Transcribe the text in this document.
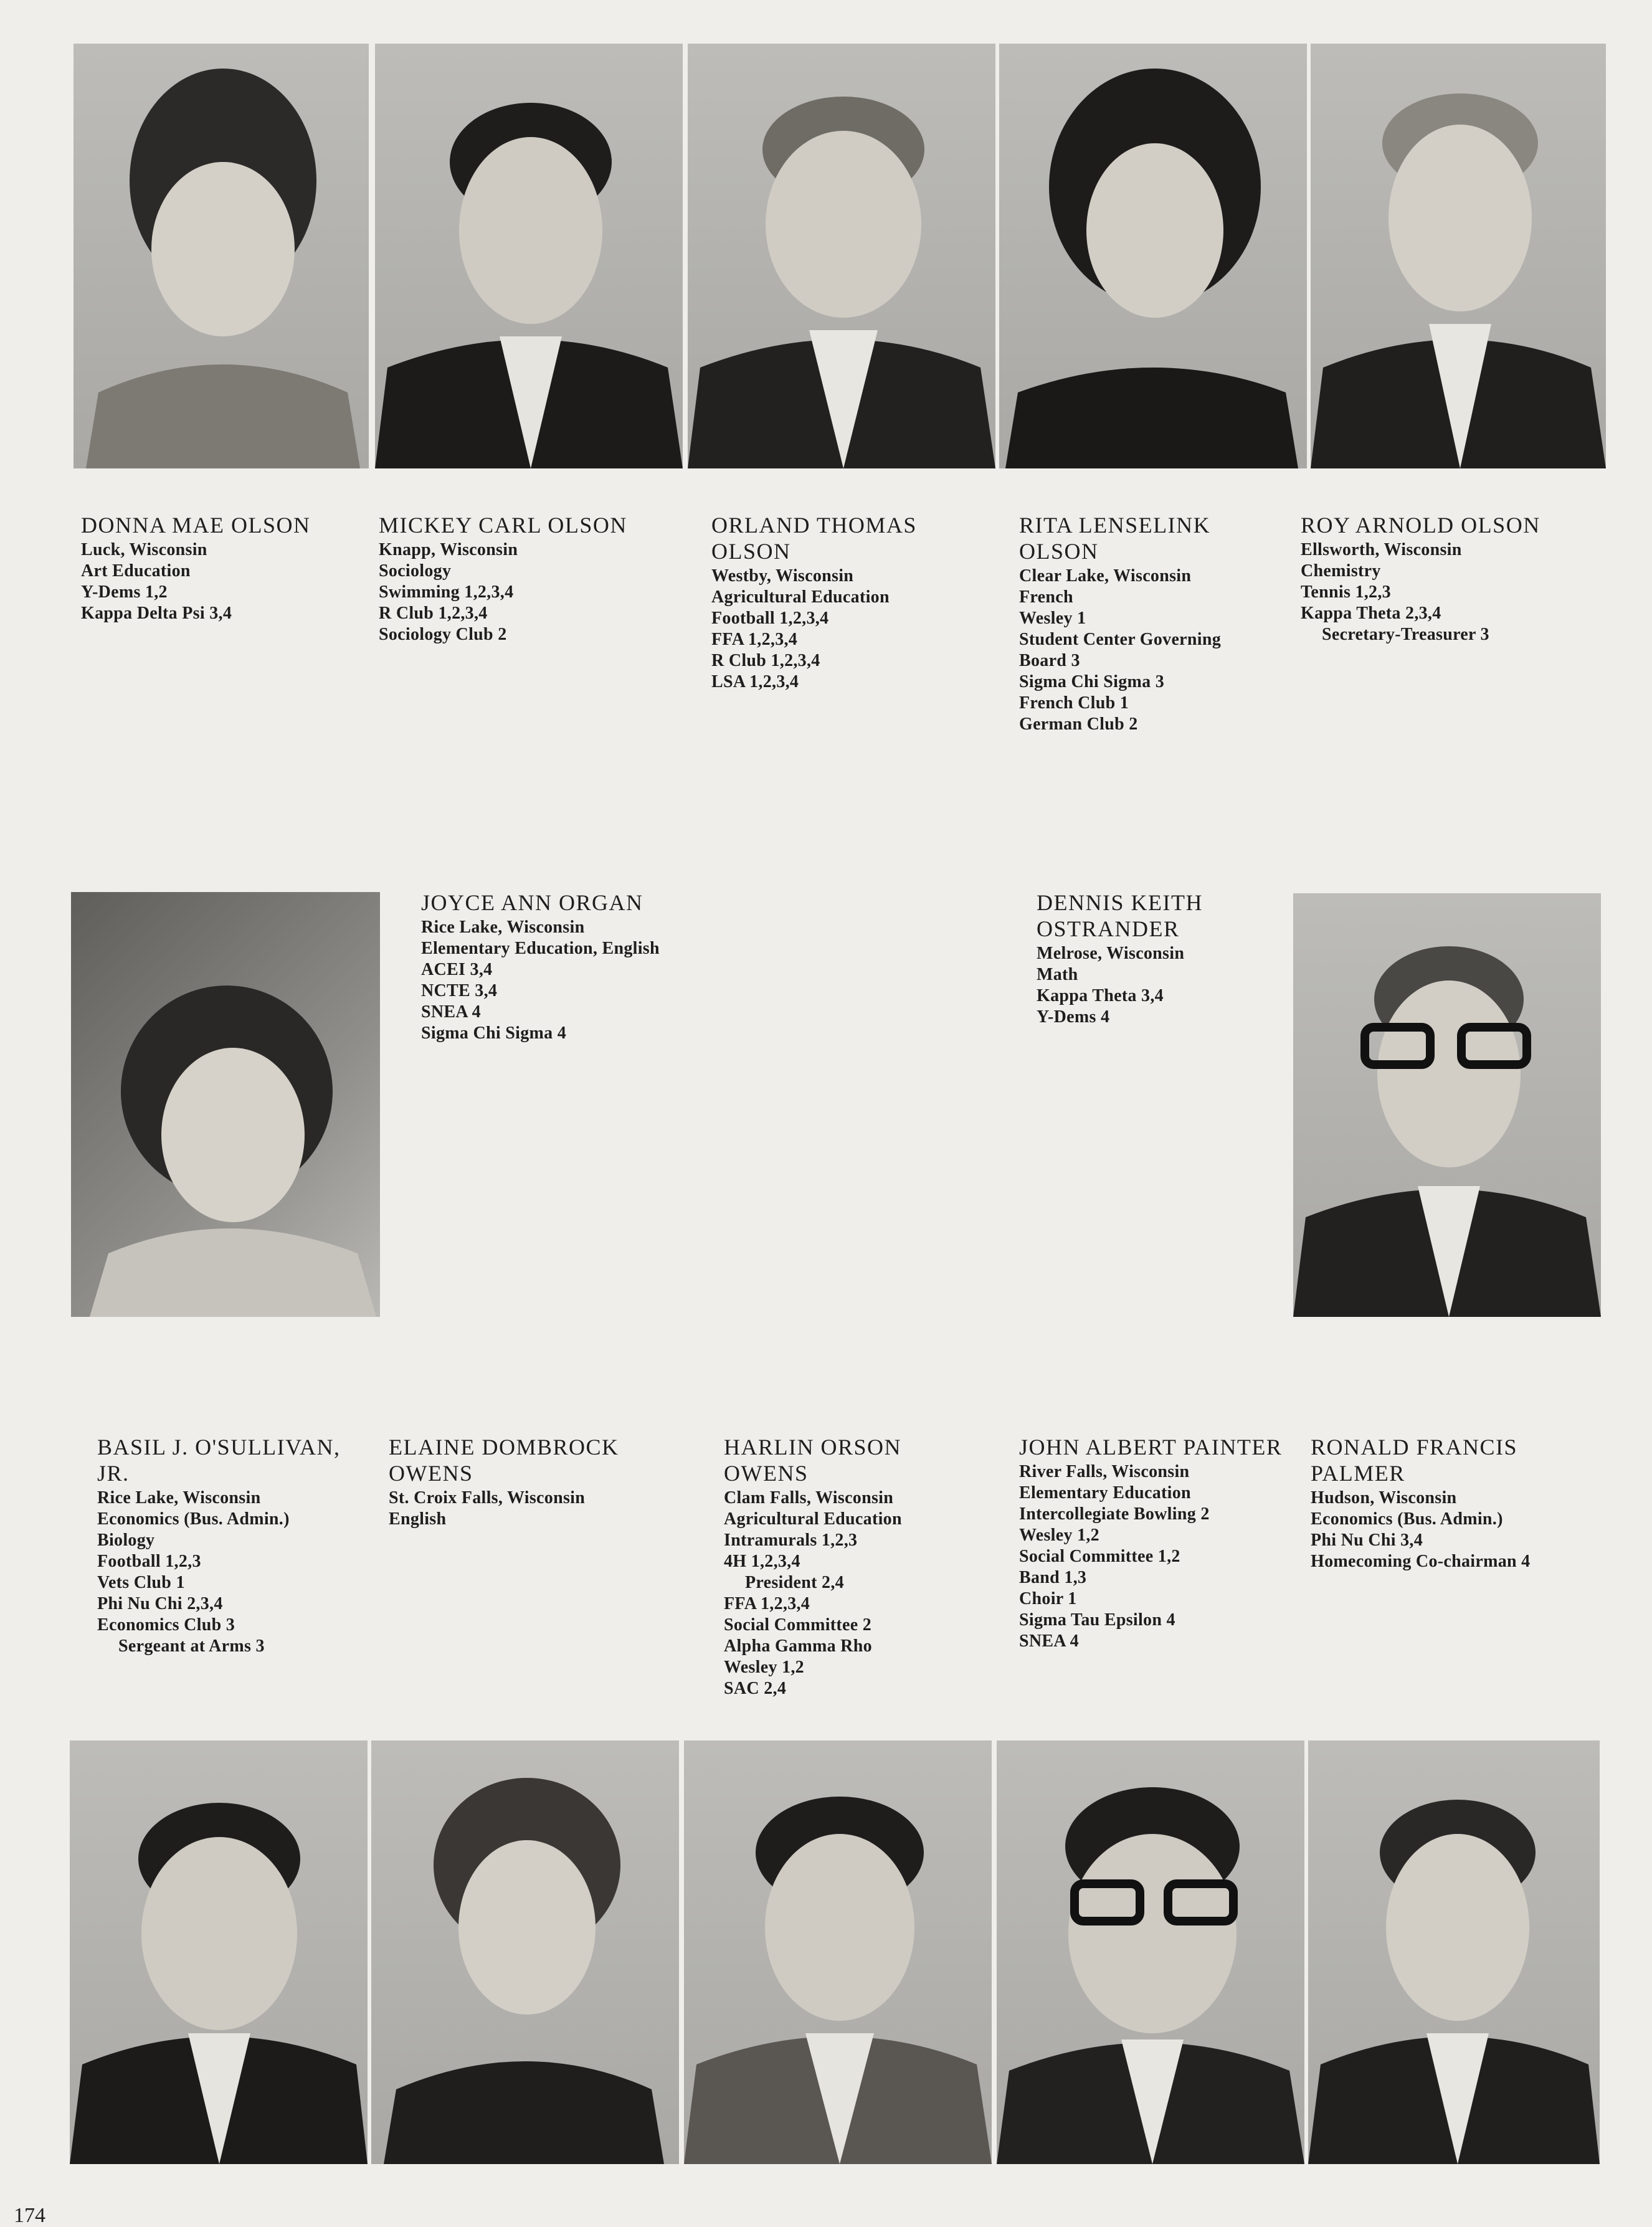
DONNA MAE OLSON
Luck, Wisconsin
Art Education
Y-Dems 1,2
Kappa Delta Psi 3,4
MICKEY CARL OLSON
Knapp, Wisconsin
Sociology
Swimming 1,2,3,4
R Club 1,2,3,4
Sociology Club 2
ORLAND THOMAS OLSON
Westby, Wisconsin
Agricultural Education
Football 1,2,3,4
FFA 1,2,3,4
R Club 1,2,3,4
LSA 1,2,3,4
RITA LENSELINK OLSON
Clear Lake, Wisconsin
French
Wesley 1
Student Center Governing
Board 3
Sigma Chi Sigma 3
French Club 1
German Club 2
ROY ARNOLD OLSON
Ellsworth, Wisconsin
Chemistry
Tennis 1,2,3
Kappa Theta 2,3,4
Secretary-Treasurer 3
JOYCE ANN ORGAN
Rice Lake, Wisconsin
Elementary Education, English
ACEI 3,4
NCTE 3,4
SNEA 4
Sigma Chi Sigma 4
DENNIS KEITH OSTRANDER
Melrose, Wisconsin
Math
Kappa Theta 3,4
Y-Dems 4
BASIL J. O'SULLIVAN, JR.
Rice Lake, Wisconsin
Economics (Bus. Admin.)
Biology
Football 1,2,3
Vets Club 1
Phi Nu Chi 2,3,4
Economics Club 3
Sergeant at Arms 3
ELAINE DOMBROCK OWENS
St. Croix Falls, Wisconsin
English
HARLIN ORSON OWENS
Clam Falls, Wisconsin
Agricultural Education
Intramurals 1,2,3
4H 1,2,3,4
President 2,4
FFA 1,2,3,4
Social Committee 2
Alpha Gamma Rho
Wesley 1,2
SAC 2,4
JOHN ALBERT PAINTER
River Falls, Wisconsin
Elementary Education
Intercollegiate Bowling 2
Wesley 1,2
Social Committee 1,2
Band 1,3
Choir 1
Sigma Tau Epsilon 4
SNEA 4
RONALD FRANCIS PALMER
Hudson, Wisconsin
Economics (Bus. Admin.)
Phi Nu Chi 3,4
Homecoming Co-chairman 4
174
